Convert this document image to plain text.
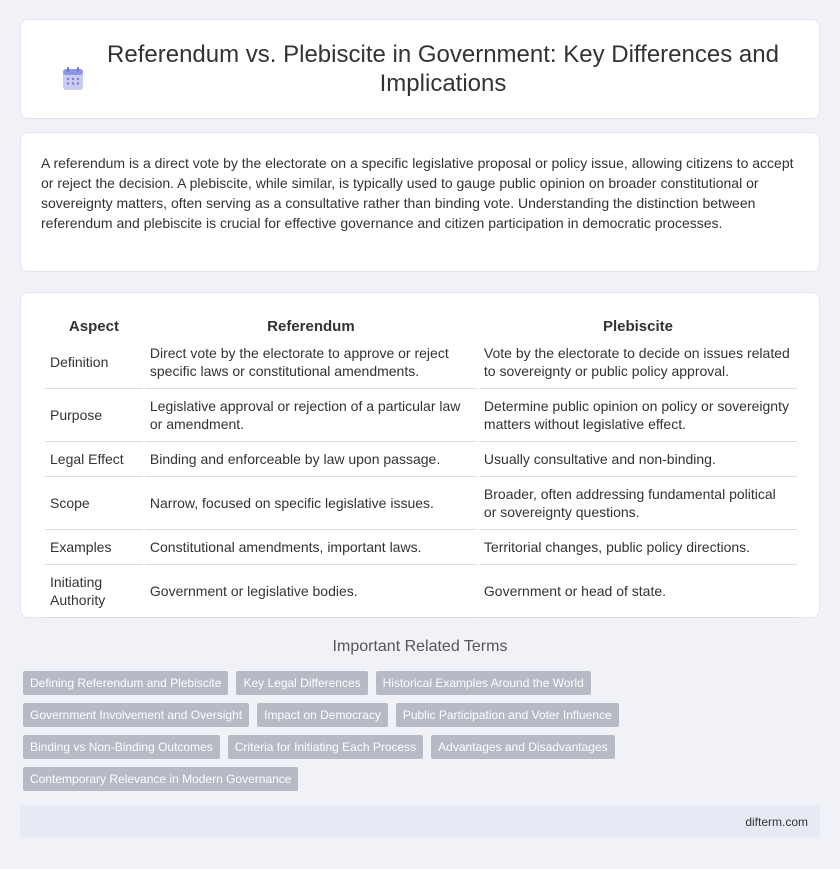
Referendum vs. Plebiscite in Government: Key Differences and Implications

A referendum is a direct vote by the electorate on a specific legislative proposal or policy issue, allowing citizens to accept or reject the decision. A plebiscite, while similar, is typically used to gauge public opinion on broader constitutional or sovereignty matters, often serving as a consultative rather than binding vote. Understanding the distinction between referendum and plebiscite is crucial for effective governance and citizen participation in democratic processes.

Aspect	Referendum	Plebiscite
Definition	Direct vote by the electorate to approve or reject specific laws or constitutional amendments.	Vote by the electorate to decide on issues related to sovereignty or public policy approval.
Purpose	Legislative approval or rejection of a particular law or amendment.	Determine public opinion on policy or sovereignty matters without legislative effect.
Legal Effect	Binding and enforceable by law upon passage.	Usually consultative and non-binding.
Scope	Narrow, focused on specific legislative issues.	Broader, often addressing fundamental political or sovereignty questions.
Examples	Constitutional amendments, important laws.	Territorial changes, public policy directions.
Initiating Authority	Government or legislative bodies.	Government or head of state.
Important Related Terms
Defining Referendum and Plebiscite	Key Legal Differences	Historical Examples Around the World
Government Involvement and Oversight	Impact on Democracy	Public Participation and Voter Influence
Binding vs Non-Binding Outcomes	Criteria for Initiating Each Process	Advantages and Disadvantages
Contemporary Relevance in Modern Governance
difterm.com
